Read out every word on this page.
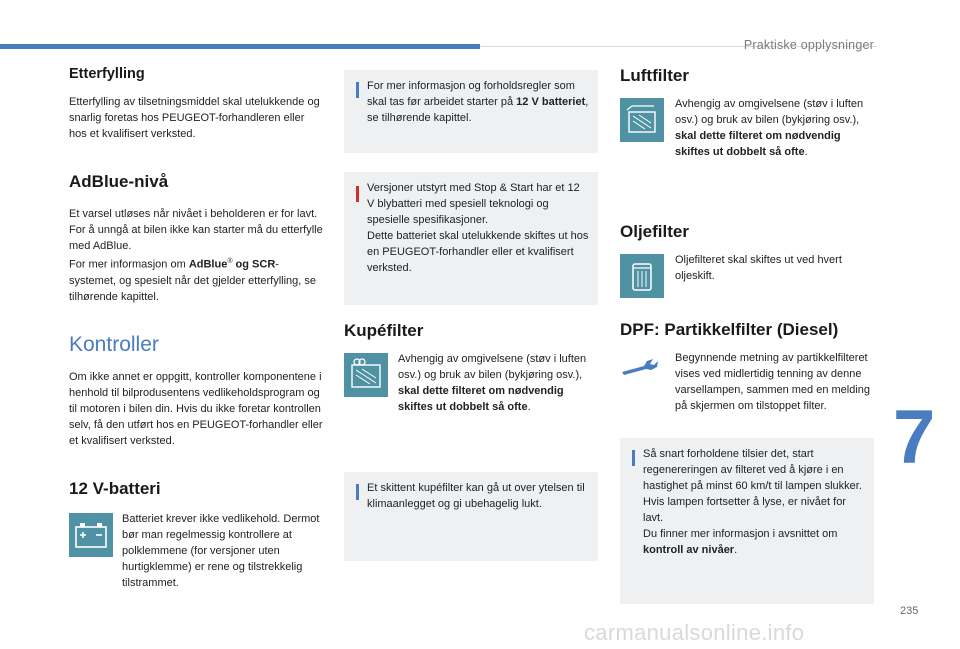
Praktiske opplysninger
7
235
carmanualsonline.info
Etterfylling

Etterfylling av tilsetningsmiddel skal utelukkende og snarlig foretas hos PEUGEOT-forhandleren eller hos et kvalifisert verksted.

AdBlue-nivå

Et varsel utløses når nivået i beholderen er for lavt.

For å unngå at bilen ikke kan starter må du etterfylle med AdBlue.

For mer informasjon om AdBlue® og SCR-systemet, og spesielt når det gjelder etterfylling, se tilhørende kapittel.

Kontroller

Om ikke annet er oppgitt, kontroller komponentene i henhold til bilprodusentens vedlikeholdsprogram og til motoren i bilen din. Hvis du ikke foretar kontrollen selv, få den utført hos en PEUGEOT-forhandler eller et kvalifisert verksted.

12 V-batteri

Batteriet krever ikke vedlikehold. Dermot bør man regelmessig kontrollere at polklemmene (for versjoner uten hurtigklemme) er rene og tilstrekkelig tilstrammet.

For mer informasjon og forholdsregler som skal tas før arbeidet starter på 12 V batteriet, se tilhørende kapittel.
Versjoner utstyrt med Stop & Start har et 12 V blybatteri med spesiell teknologi og spesielle spesifikasjoner.
Dette batteriet skal utelukkende skiftes ut hos en PEUGEOT-forhandler eller et kvalifisert verksted.
Kupéfilter

Avhengig av omgivelsene (støv i luften osv.) og bruk av bilen (bykjøring osv.), skal dette filteret om nødvendig skiftes ut dobbelt så ofte.

Et skittent kupéfilter kan gå ut over ytelsen til klimaanlegget og gi ubehagelig lukt.
Luftfilter

Avhengig av omgivelsene (støv i luften osv.) og bruk av bilen (bykjøring osv.), skal dette filteret om nødvendig skiftes ut dobbelt så ofte.

Oljefilter

Oljefilteret skal skiftes ut ved hvert oljeskift.

DPF: Partikkelfilter (Diesel)

Begynnende metning av partikkelfilteret vises ved midlertidig tenning av denne varsellampen, sammen med en melding på skjermen om tilstoppet filter.

Så snart forholdene tilsier det, start regenereringen av filteret ved å kjøre i en hastighet på minst 60 km/t til lampen slukker.
Hvis lampen fortsetter å lyse, er nivået for lavt.
Du finner mer informasjon i avsnittet om kontroll av nivåer.
